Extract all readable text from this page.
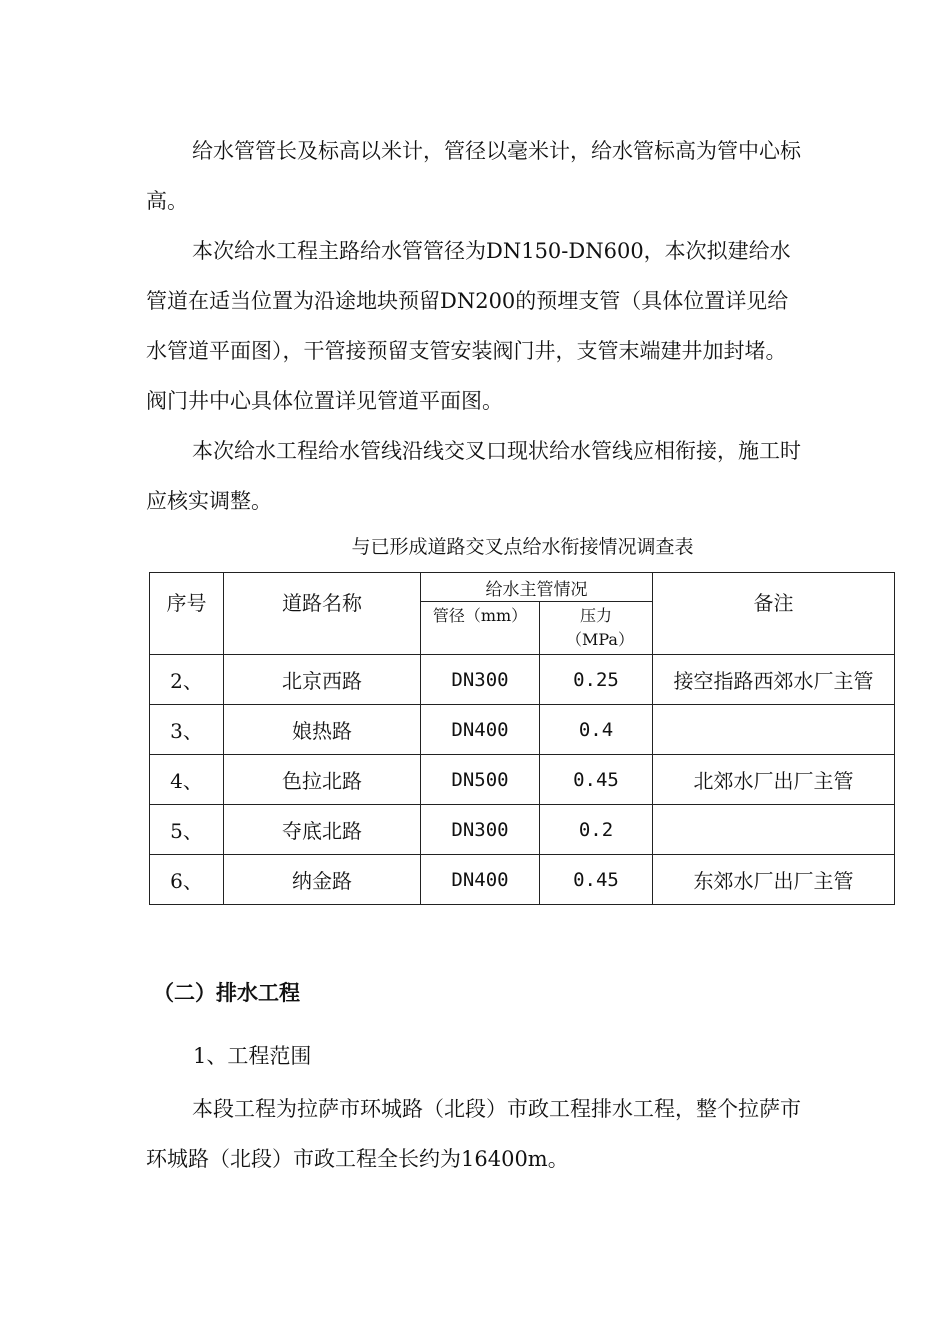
给水管管长及标高以米计，管径以毫米计，给水管标高为管中心标高。

本次给水工程主路给水管管径为DN150-DN600，本次拟建给水管道在适当位置为沿途地块预留DN200的预埋支管（具体位置详见给水管道平面图），干管接预留支管安装阀门井，支管末端建井加封堵。阀门井中心具体位置详见管道平面图。

本次给水工程给水管线沿线交叉口现状给水管线应相衔接，施工时应核实调整。

与已形成道路交叉点给水衔接情况调查表
序号	道路名称	给水主管情况		备注
		管径（mm）	压力（MPa）	
2、	北京西路	DN300	0.25	接空指路西郊水厂主管
3、	娘热路	DN400	0.4	
4、	色拉北路	DN500	0.45	北郊水厂出厂主管
5、	夺底北路	DN300	0.2	
6、	纳金路	DN400	0.45	东郊水厂出厂主管
（二）排水工程
1、工程范围

本段工程为拉萨市环城路（北段）市政工程排水工程，整个拉萨市环城路（北段）市政工程全长约为16400m。
